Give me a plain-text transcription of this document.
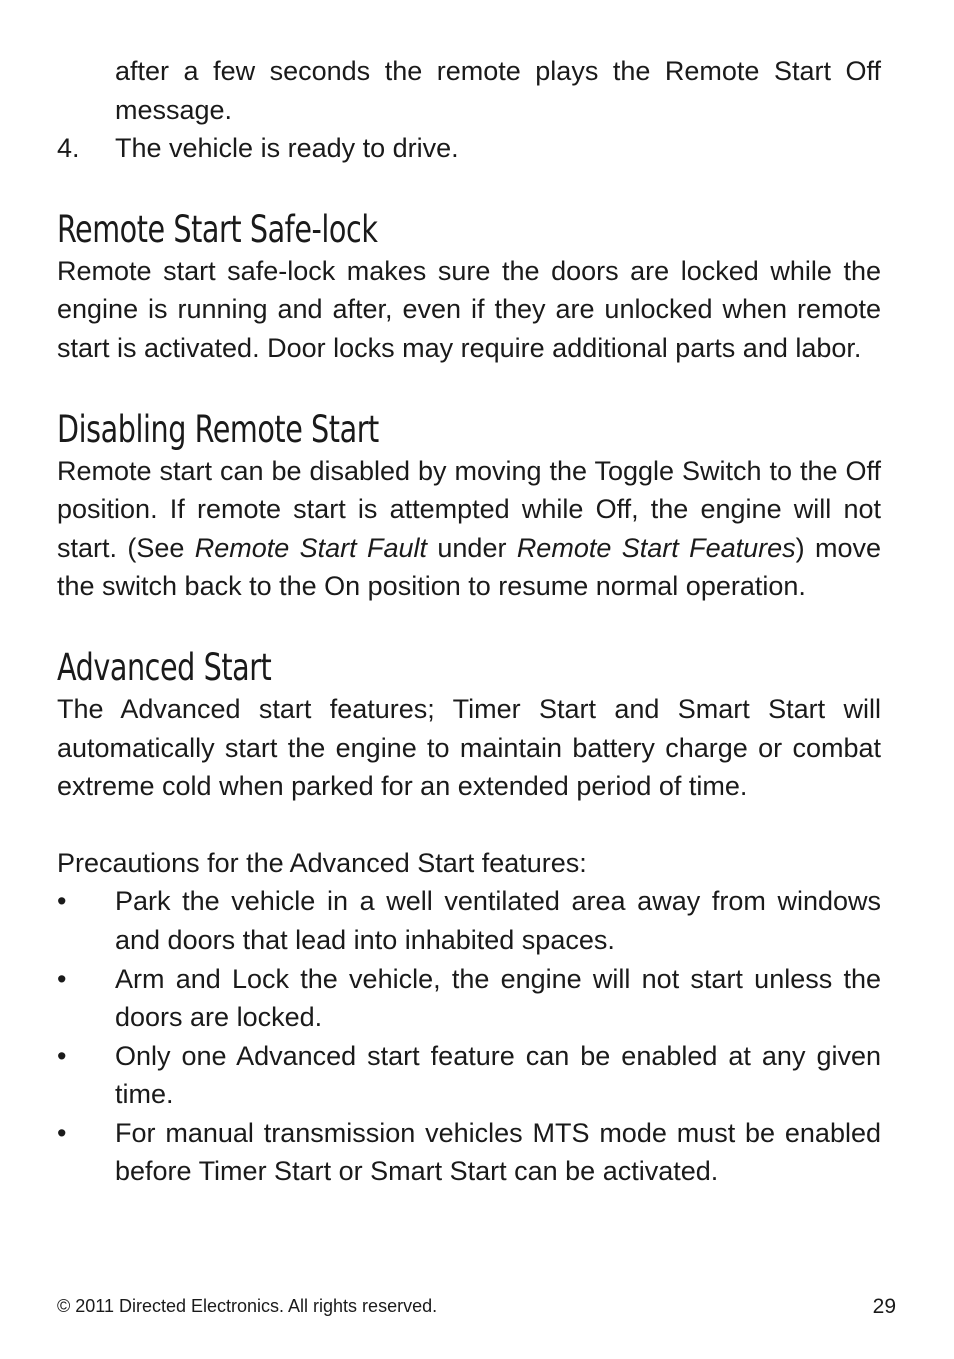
after a few seconds the remote plays the Remote Start Off message.

4. The vehicle is ready to drive.
Remote Start Safe-lock

Remote start safe-lock makes sure the doors are locked while the engine is running and after, even if they are unlocked when remote start is activated. Door locks may require additional parts and labor.

Disabling Remote Start

Remote start can be disabled by moving the Toggle Switch to the Off position. If remote start is attempted while Off, the engine will not start. (See Remote Start Fault under Remote Start Features) move the switch back to the On position to resume normal operation.

Advanced Start

The Advanced start features; Timer Start and Smart Start will automatically start the engine to maintain battery charge or combat extreme cold when parked for an extended period of time.

Precautions for the Advanced Start features:

• Park the vehicle in a well ventilated area away from windows and doors that lead into inhabited spaces.
• Arm and Lock the vehicle, the engine will not start unless the doors are locked.
• Only one Advanced start feature can be enabled at any given time.
• For manual transmission vehicles MTS mode must be enabled before Timer Start or Smart Start can be activated.
© 2011 Directed Electronics. All rights reserved.	29
